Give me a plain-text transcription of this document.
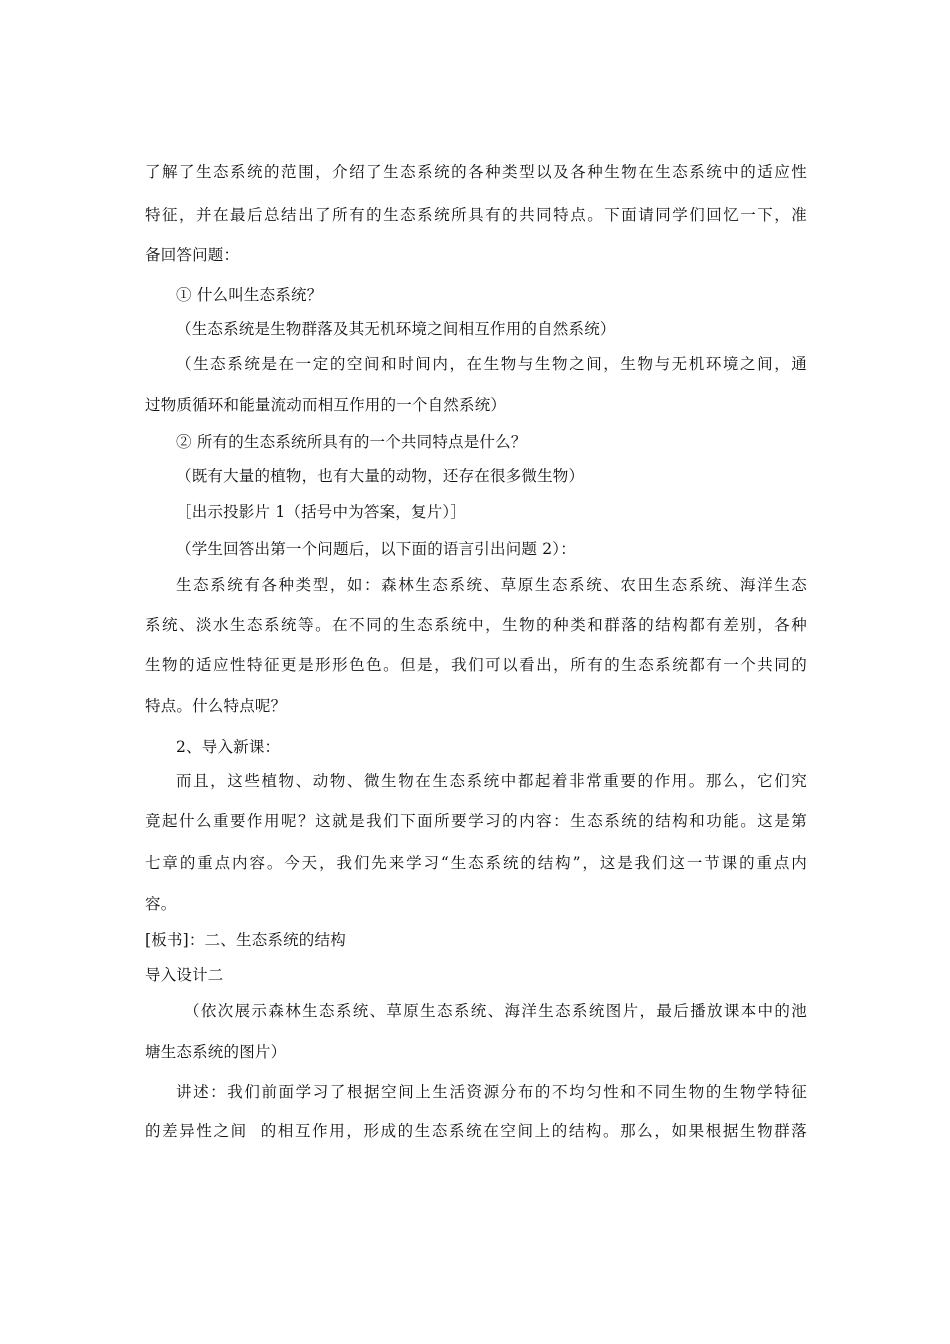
了解了生态系统的范围，介绍了生态系统的各种类型以及各种生物在生态系统中的适应性
特征，并在最后总结出了所有的生态系统所具有的共同特点。下面请同学们回忆一下，准
备回答问题：
① 什么叫生态系统？
（生态系统是生物群落及其无机环境之间相互作用的自然系统）
（生态系统是在一定的空间和时间内，在生物与生物之间，生物与无机环境之间，通
过物质循环和能量流动而相互作用的一个自然系统）
② 所有的生态系统所具有的一个共同特点是什么？
（既有大量的植物，也有大量的动物，还存在很多微生物）
［出示投影片 1（括号中为答案，复片）］
（学生回答出第一个问题后，以下面的语言引出问题 2）：
生态系统有各种类型，如：森林生态系统、草原生态系统、农田生态系统、海洋生态
系统、淡水生态系统等。在不同的生态系统中，生物的种类和群落的结构都有差别，各种
生物的适应性特征更是形形色色。但是，我们可以看出，所有的生态系统都有一个共同的
特点。什么特点呢？
2、导入新课：
而且，这些植物、动物、微生物在生态系统中都起着非常重要的作用。那么，它们究
竟起什么重要作用呢？这就是我们下面所要学习的内容：生态系统的结构和功能。这是第
七章的重点内容。今天，我们先来学习“生态系统的结构”，这是我们这一节课的重点内
容。
[板书]：二、生态系统的结构
导入设计二
（依次展示森林生态系统、草原生态系统、海洋生态系统图片，最后播放课本中的池
塘生态系统的图片）
讲述：我们前面学习了根据空间上生活资源分布的不均匀性和不同生物的生物学特征
的差异性之间  的相互作用，形成的生态系统在空间上的结构。那么，如果根据生物群落
